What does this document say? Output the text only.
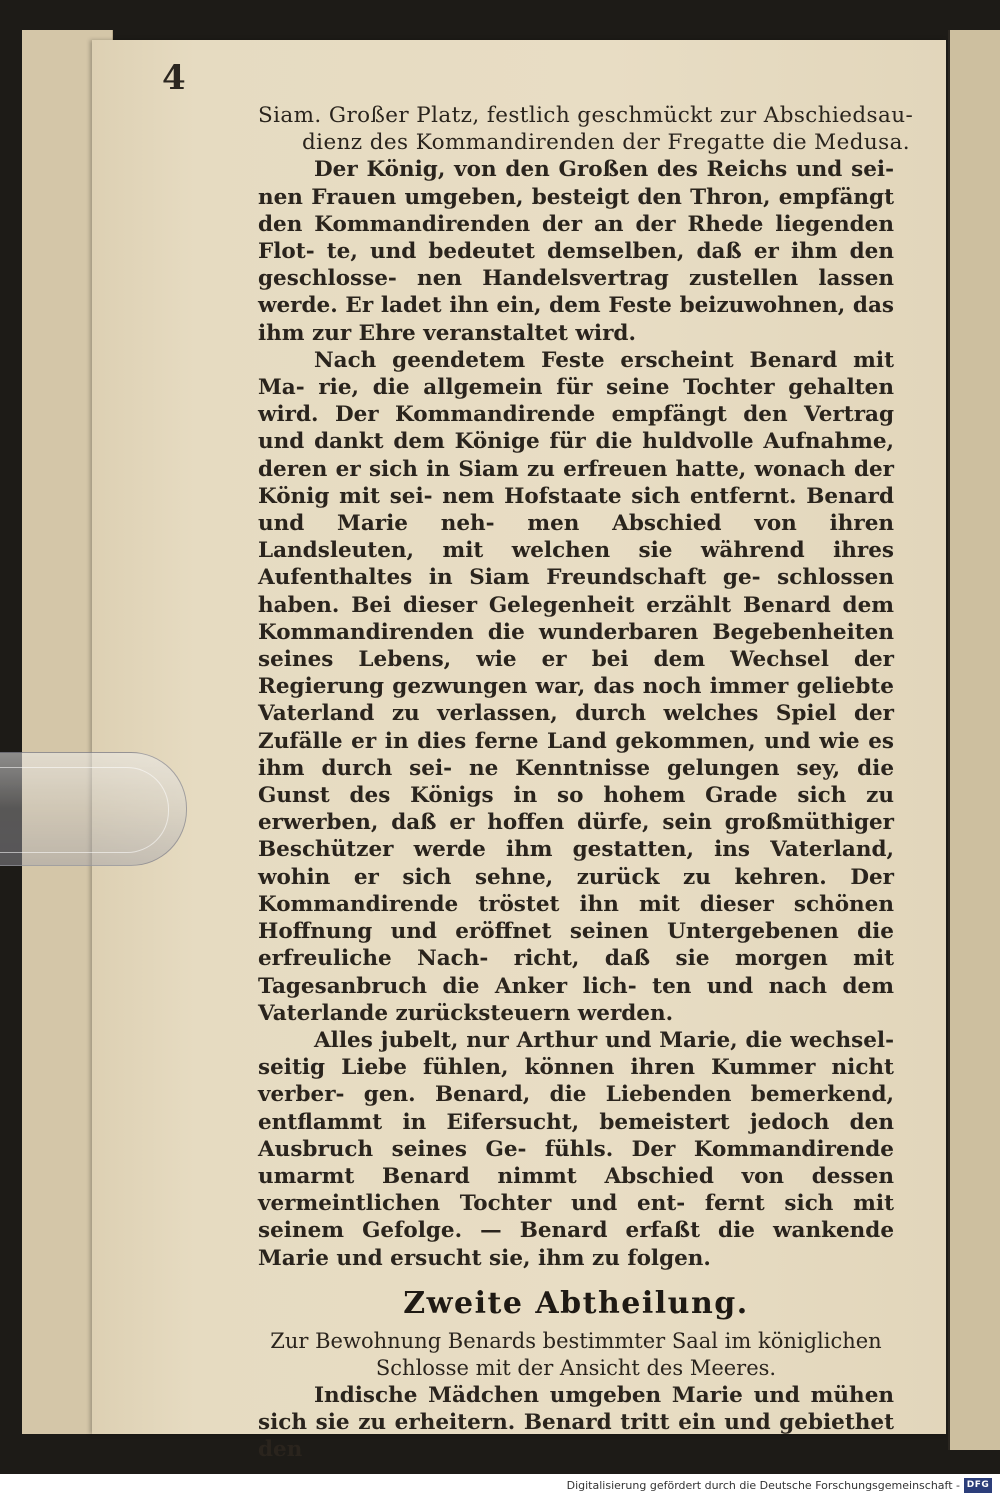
4
Siam. Großer Platz, festlich geschmückt zur Abschiedsau-
dienz des Kommandirenden der Fregatte die Medusa.

Der König, von den Großen des Reichs und sei- nen Frauen umgeben, besteigt den Thron, empfängt den Kommandirenden der an der Rhede liegenden Flot- te, und bedeutet demselben, daß er ihm den geschlosse- nen Handelsvertrag zustellen lassen werde. Er ladet ihn ein, dem Feste beizuwohnen, das ihm zur Ehre veranstaltet wird.

Nach geendetem Feste erscheint Benard mit Ma- rie, die allgemein für seine Tochter gehalten wird. Der Kommandirende empfängt den Vertrag und dankt dem Könige für die huldvolle Aufnahme, deren er sich in Siam zu erfreuen hatte, wonach der König mit sei- nem Hofstaate sich entfernt. Benard und Marie neh- men Abschied von ihren Landsleuten, mit welchen sie während ihres Aufenthaltes in Siam Freundschaft ge- schlossen haben. Bei dieser Gelegenheit erzählt Benard dem Kommandirenden die wunderbaren Begebenheiten seines Lebens, wie er bei dem Wechsel der Regierung gezwungen war, das noch immer geliebte Vaterland zu verlassen, durch welches Spiel der Zufälle er in dies ferne Land gekommen, und wie es ihm durch sei- ne Kenntnisse gelungen sey, die Gunst des Königs in so hohem Grade sich zu erwerben, daß er hoffen dürfe, sein großmüthiger Beschützer werde ihm gestatten, ins Vaterland, wohin er sich sehne, zurück zu kehren. Der Kommandirende tröstet ihn mit dieser schönen Hoffnung und eröffnet seinen Untergebenen die erfreuliche Nach- richt, daß sie morgen mit Tagesanbruch die Anker lich- ten und nach dem Vaterlande zurücksteuern werden.

Alles jubelt, nur Arthur und Marie, die wechsel- seitig Liebe fühlen, können ihren Kummer nicht verber- gen. Benard, die Liebenden bemerkend, entflammt in Eifersucht, bemeistert jedoch den Ausbruch seines Ge- fühls. Der Kommandirende umarmt Benard nimmt Abschied von dessen vermeintlichen Tochter und ent- fernt sich mit seinem Gefolge. — Benard erfaßt die wankende Marie und ersucht sie, ihm zu folgen.

Zweite Abtheilung.
Zur Bewohnung Benards bestimmter Saal im königlichen
Schlosse mit der Ansicht des Meeres.

Indische Mädchen umgeben Marie und mühen sich sie zu erheitern. Benard tritt ein und gebiethet den

Digitalisierung gefördert durch die Deutsche Forschungsgemeinschaft - DFG
